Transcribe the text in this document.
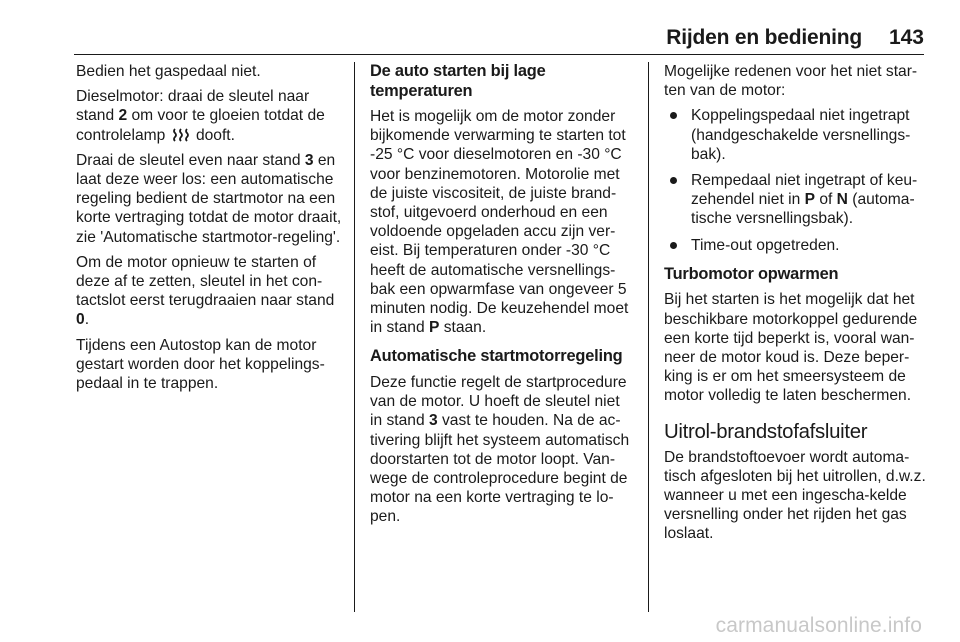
Rijden en bediening 143

Bedien het gaspedaal niet.

Dieselmotor: draai de sleutel naar stand 2 om voor te gloeien totdat de controlelamp  dooft.

Draai de sleutel even naar stand 3 en laat deze weer los: een automatische regeling bedient de startmotor na een korte vertraging totdat de motor draait, zie 'Automatische startmotor-regeling'.

Om de motor opnieuw te starten of deze af te zetten, sleutel in het con-tactslot eerst terugdraaien naar stand 0.

Tijdens een Autostop kan de motor gestart worden door het koppelings-pedaal in te trappen.

De auto starten bij lage temperaturen

Het is mogelijk om de motor zonder bijkomende verwarming te starten tot -25 °C voor dieselmotoren en -30 °C voor benzinemotoren. Motorolie met de juiste viscositeit, de juiste brand-stof, uitgevoerd onderhoud en een voldoende opgeladen accu zijn ver-eist. Bij temperaturen onder -30 °C heeft de automatische versnellings-bak een opwarmfase van ongeveer 5 minuten nodig. De keuzehendel moet in stand P staan.

Automatische startmotorregeling

Deze functie regelt de startprocedure van de motor. U hoeft de sleutel niet in stand 3 vast te houden. Na de ac-tivering blijft het systeem automatisch doorstarten tot de motor loopt. Van-wege de controleprocedure begint de motor na een korte vertraging te lo-pen.

Mogelijke redenen voor het niet star-ten van de motor:

Koppelingspedaal niet ingetrapt (handgeschakelde versnellings-bak).
Rempedaal niet ingetrapt of keu-zehendel niet in P of N (automa-tische versnellingsbak).
Time-out opgetreden.
Turbomotor opwarmen

Bij het starten is het mogelijk dat het beschikbare motorkoppel gedurende een korte tijd beperkt is, vooral wan-neer de motor koud is. Deze beper-king is er om het smeersysteem de motor volledig te laten beschermen.

Uitrol-brandstofafsluiter

De brandstoftoevoer wordt automa-tisch afgesloten bij het uitrollen, d.w.z. wanneer u met een ingescha-kelde versnelling onder het rijden het gas loslaat.

carmanualsonline.info
